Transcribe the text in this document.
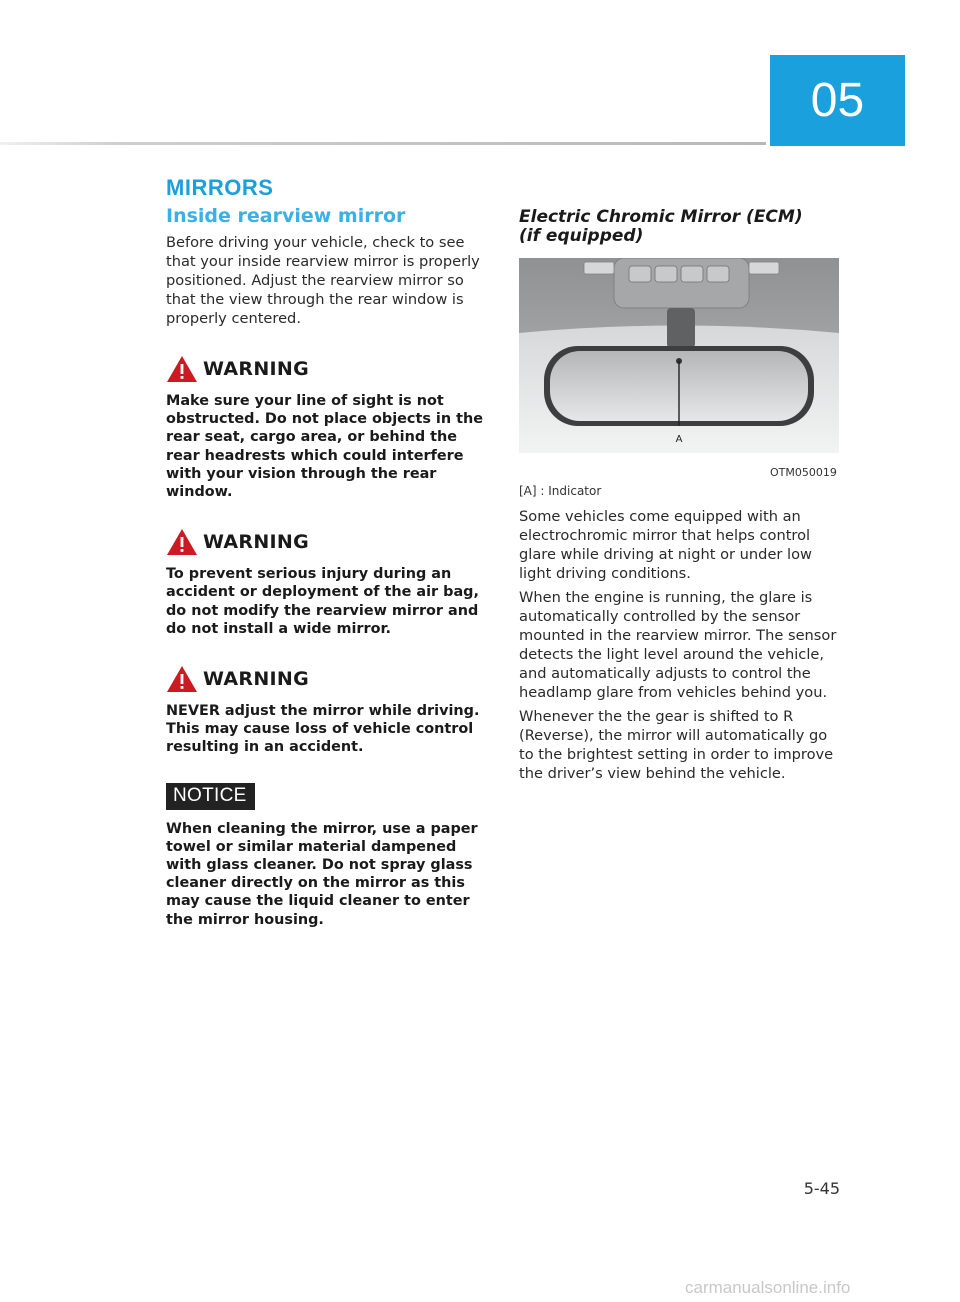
05
MIRRORS
Inside rearview mirror

Before driving your vehicle, check to see that your inside rearview mirror is properly positioned. Adjust the rearview mirror so that the view through the rear window is properly centered.

WARNING

Make sure your line of sight is not obstructed. Do not place objects in the rear seat, cargo area, or behind the rear headrests which could interfere with your vision through the rear window.

WARNING

To prevent serious injury during an accident or deployment of the air bag, do not modify the rearview mirror and do not install a wide mirror.

WARNING

NEVER adjust the mirror while driving. This may cause loss of vehicle control resulting in an accident.

NOTICE

When cleaning the mirror, use a paper towel or similar material dampened with glass cleaner. Do not spray glass cleaner directly on the mirror as this may cause the liquid cleaner to enter the mirror housing.

Electric Chromic Mirror (ECM)
(if equipped)

A
OTM050019

[A] : Indicator

Some vehicles come equipped with an electrochromic mirror that helps control glare while driving at night or under low light driving conditions.

When the engine is running, the glare is automatically controlled by the sensor mounted in the rearview mirror. The sensor detects the light level around the vehicle, and automatically adjusts to control the headlamp glare from vehicles behind you.

Whenever the the gear is shifted to R (Reverse), the mirror will automatically go to the brightest setting in order to improve the driver’s view behind the vehicle.

5-45
carmanualsonline.info
